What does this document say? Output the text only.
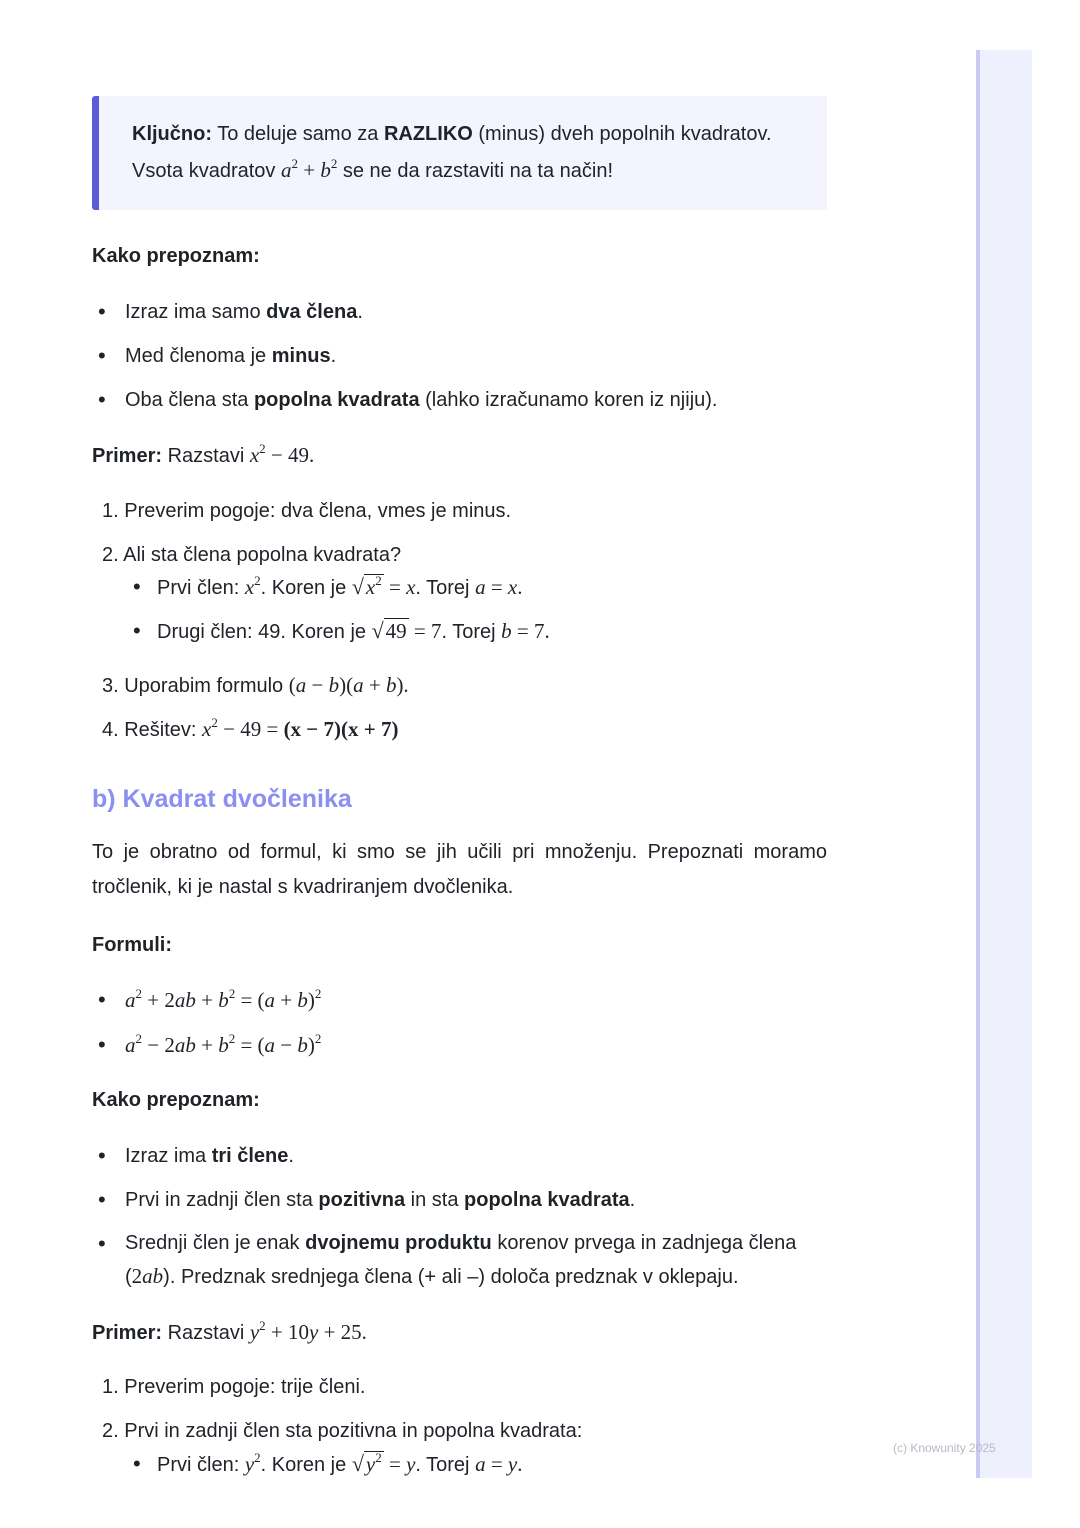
Ključno: To deluje samo za RAZLIKO (minus) dveh popolnih kvadratov.

Vsota kvadratov $a^2 + b^2$ se ne da razstaviti na ta način!

Kako prepoznam:
• Izraz ima samo dva člena.
• Med členoma je minus.
• Oba člena sta popolna kvadrata (lahko izračunamo koren iz njiju).

Primer: Razstavi $x^2 - 49$.

1. Preverim pogoje: dva člena, vmes je minus.
2. Ali sta člena popolna kvadrata?
• Prvi člen: $x^2$. Koren je $√x^2 = x$. Torej a = x.
• Drugi člen: 49. Koren je √49 = 7. Torej b = 7.
3. Uporabim formulo (a − b)(a + b).
4. Rešitev: $x^2 - 49 = (x - 7)(x + 7)$
b) Kvadrat dvočlenika

To je obratno od formul, ki smo se jih učili pri množenju. Prepoznati moramo tročlenik, ki je nastal s kvadriranjem dvočlenika.

Formuli:
• $a^2 + 2ab + b^2 = (a + b)^2$
• $a^2 - 2ab + b^2 = (a - b)^2$
Kako prepoznam:
• Izraz ima tri člene.
• Prvi in zadnji člen sta pozitivna in sta popolna kvadrata.
• Srednji člen je enak dvojnemu produktu korenov prvega in zadnjega člena
(2ab). Predznak srednjega člena (+ ali –) določa predznak v oklepaju.

Primer: Razstavi $y^2 + 10y + 25$.

1. Preverim pogoje: trije členi.
2. Prvi in zadnji člen sta pozitivna in popolna kvadrata:
• Prvi člen: $y^2$. Koren je $√y^2 = y$. Torej a = y.
(c) Knowunity 2025
